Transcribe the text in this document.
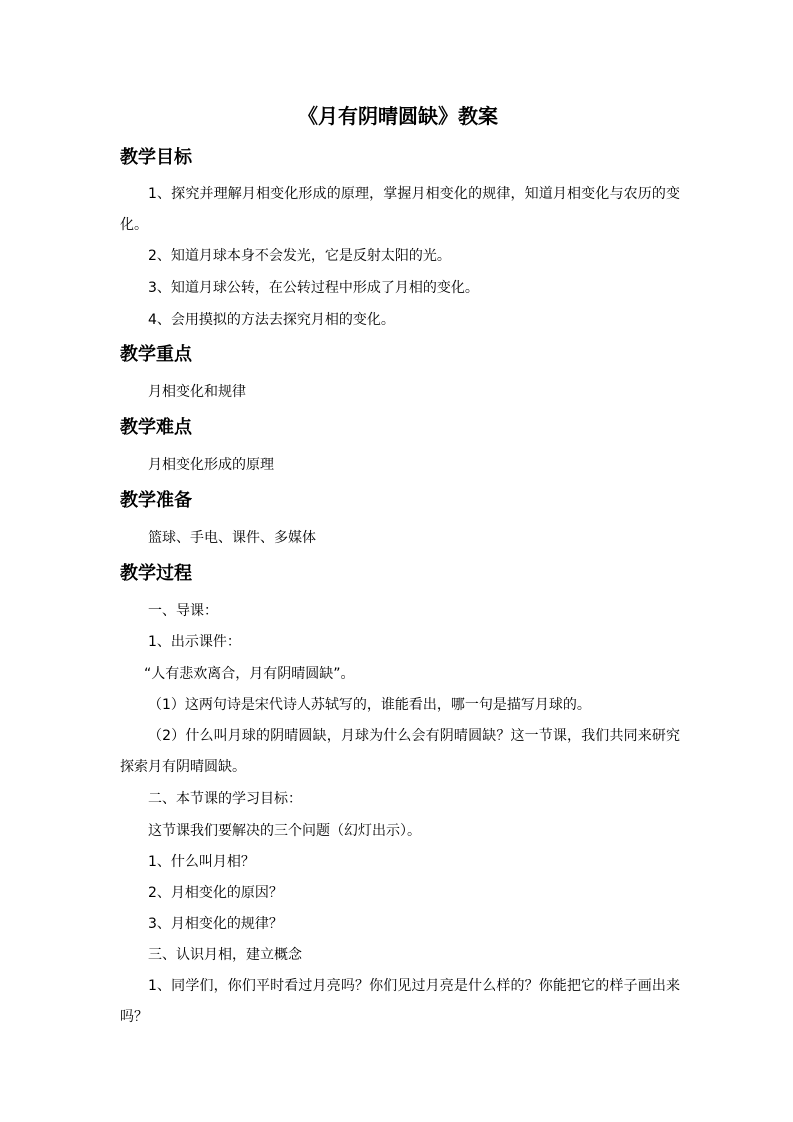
《月有阴晴圆缺》教案
教学目标

1、探究并理解月相变化形成的原理，掌握月相变化的规律，知道月相变化与农历的变化。

2、知道月球本身不会发光，它是反射太阳的光。
3、知道月球公转，在公转过程中形成了月相的变化。
4、会用摸拟的方法去探究月相的变化。
教学重点
月相变化和规律
教学难点
月相变化形成的原理
教学准备
篮球、手电、课件、多媒体
教学过程
一、导课：
1、出示课件：
“人有悲欢离合，月有阴晴圆缺”。
（1）这两句诗是宋代诗人苏轼写的，谁能看出，哪一句是描写月球的。

（2）什么叫月球的阴晴圆缺，月球为什么会有阴晴圆缺？这一节课，我们共同来研究探索月有阴晴圆缺。

二、本节课的学习目标：
这节课我们要解决的三个问题（幻灯出示）。
1、什么叫月相？
2、月相变化的原因？
3、月相变化的规律？
三、认识月相，建立概念

1、同学们，你们平时看过月亮吗？你们见过月亮是什么样的？你能把它的样子画出来吗？
